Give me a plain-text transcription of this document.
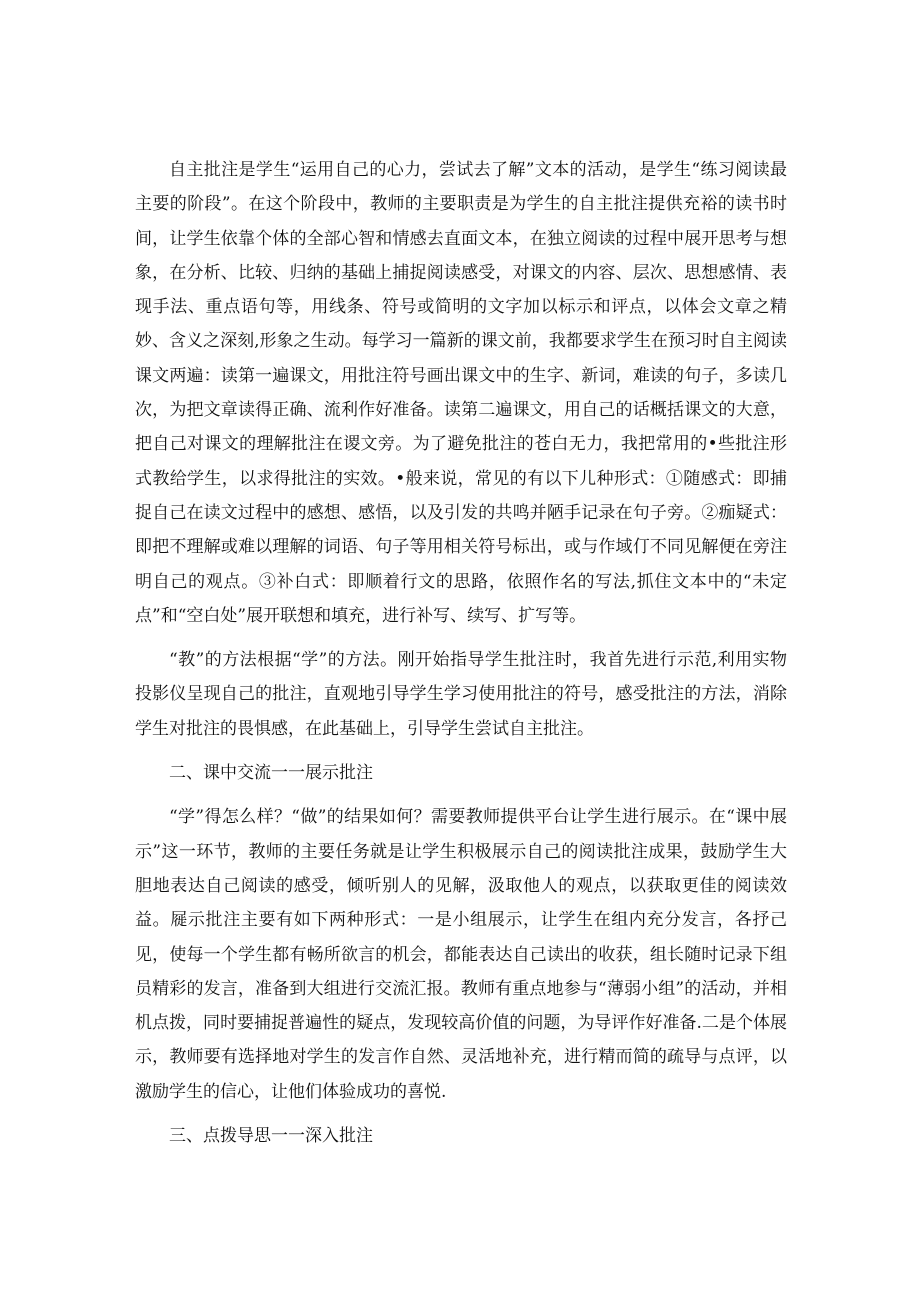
自主批注是学生“运用自己的心力，尝试去了解”文本的活动，是学生“练习阅读最主要的阶段”。在这个阶段中，教师的主要职责是为学生的自主批注提供充裕的读书时间，让学生依靠个体的全部心智和情感去直面文本，在独立阅读的过程中展开思考与想象，在分析、比较、归纳的基础上捕捉阅读感受，对课文的内容、层次、思想感情、表现手法、重点语句等，用线条、符号或简明的文字加以标示和评点，以体会文章之精妙、含义之深刻,形象之生动。每学习一篇新的课文前，我都要求学生在预习时自主阅读课文两遍：读第一遍课文，用批注符号画出课文中的生字、新词，难读的句子，多读几次，为把文章读得正确、流利作好准备。读第二遍课文，用自己的话概括课文的大意，把自己对课文的理解批注在谡文旁。为了避免批注的苍白无力，我把常用的•些批注形式教给学生，以求得批注的实效。•般来说，常见的有以下儿种形式：①随感式：即捕捉自己在读文过程中的感想、感悟，以及引发的共鸣并陋手记录在句子旁。②痂疑式：即把不理解或难以理解的词语、句子等用相关符号标出，或与作域仃不同见解便在旁注明自己的观点。③补白式：即顺着行文的思路，依照作名的写法,抓住文本中的“未定点”和“空白处”展开联想和填充，进行补写、续写、扩写等。

“教”的方法根据“学”的方法。刚开始指导学生批注时，我首先进行示范,利用实物投影仪呈现自己的批注，直观地引导学生学习使用批注的符号，感受批注的方法，消除学生对批注的畏惧感，在此基础上，引导学生尝试自主批注。

二、课中交流一一展示批注

“学”得怎么样？“做”的结果如何？需要教师提供平台让学生进行展示。在“课中展示”这一环节，教师的主要任务就是让学生积极展示自己的阅读批注成果，鼓励学生大胆地表达自己阅读的感受，倾听别人的见解，汲取他人的观点，以获取更佳的阅读效益。屣示批注主要有如下两种形式：一是小组展示，让学生在组内充分发言，各抒己见，使每一个学生都有畅所欲言的机会，都能表达自己读出的收获，组长随时记录下组员精彩的发言，准备到大组进行交流汇报。教师有重点地参与“薄弱小组”的活动，并相机点拨，同时要捕捉普遍性的疑点，发现较高价值的问题，为导评作好准备.二是个体展示，教师要有选择地对学生的发言作自然、灵活地补充，进行精而简的疏导与点评，以激励学生的信心，让他们体验成功的喜悦.

三、点拨导思一一深入批注
